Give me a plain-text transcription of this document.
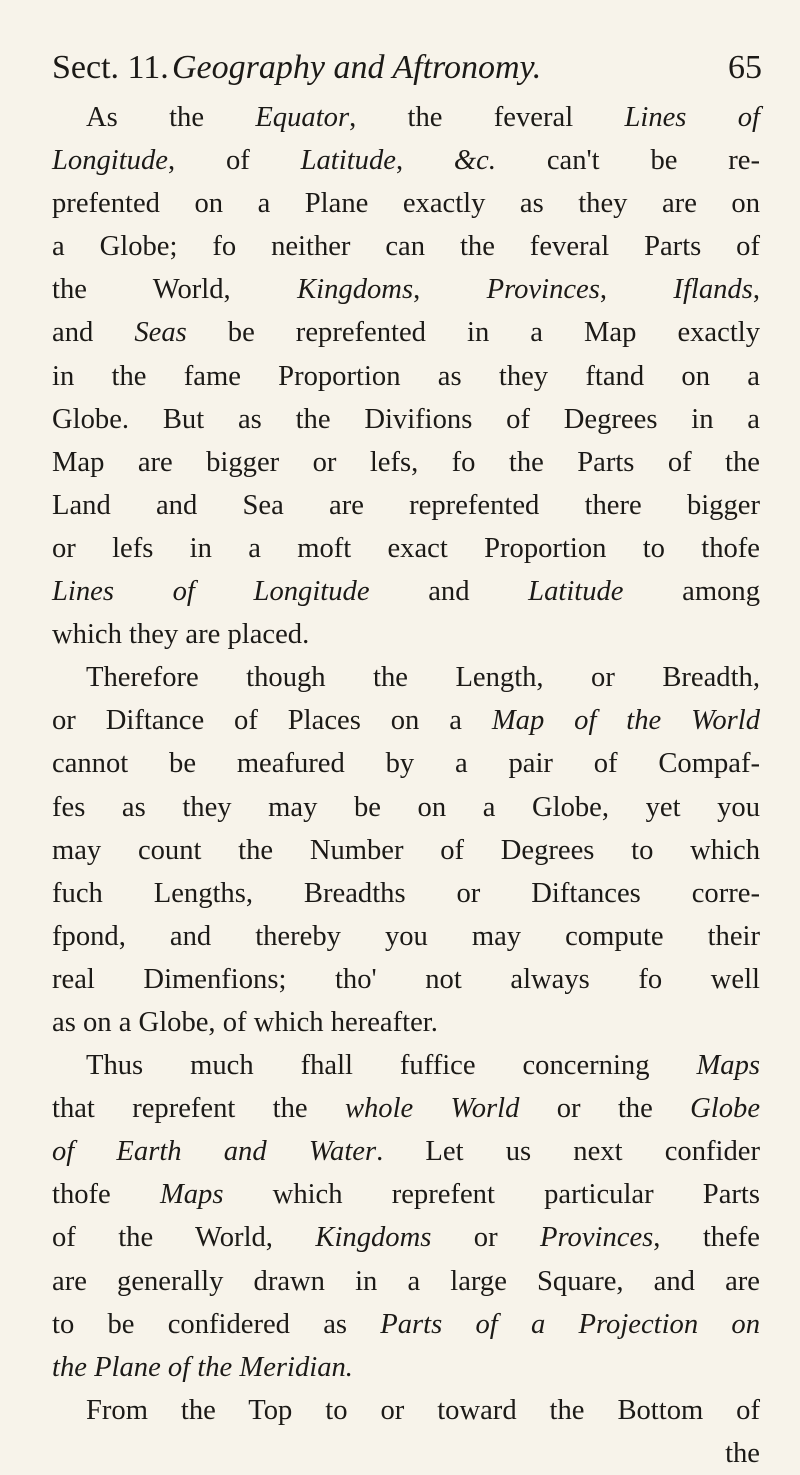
Sect. 11. Geography and Aftronomy.	65
As the Equator, the feveral Lines of
Longitude, of Latitude, &c. can't be re-
prefented on a Plane exactly as they are on
a Globe; fo neither can the feveral Parts of
the World, Kingdoms, Provinces, Iflands,
and Seas be reprefented in a Map exactly
in the fame Proportion as they ftand on a
Globe. But as the Divifions of Degrees in a
Map are bigger or lefs, fo the Parts of the
Land and Sea are reprefented there bigger
or lefs in a moft exact Proportion to thofe
Lines of Longitude and Latitude among
which they are placed.
Therefore though the Length, or Breadth,
or Diftance of Places on a Map of the World
cannot be meafured by a pair of Compaf-
fes as they may be on a Globe, yet you
may count the Number of Degrees to which
fuch Lengths, Breadths or Diftances corre-
fpond, and thereby you may compute their
real Dimenfions; tho' not always fo well
as on a Globe, of which hereafter.
Thus much fhall fuffice concerning Maps
that reprefent the whole World or the Globe
of Earth and Water. Let us next confider
thofe Maps which reprefent particular Parts
of the World, Kingdoms or Provinces, thefe
are generally drawn in a large Square, and are
to be confidered as Parts of a Projection on
the Plane of the Meridian.
From the Top to or toward the Bottom of
the
